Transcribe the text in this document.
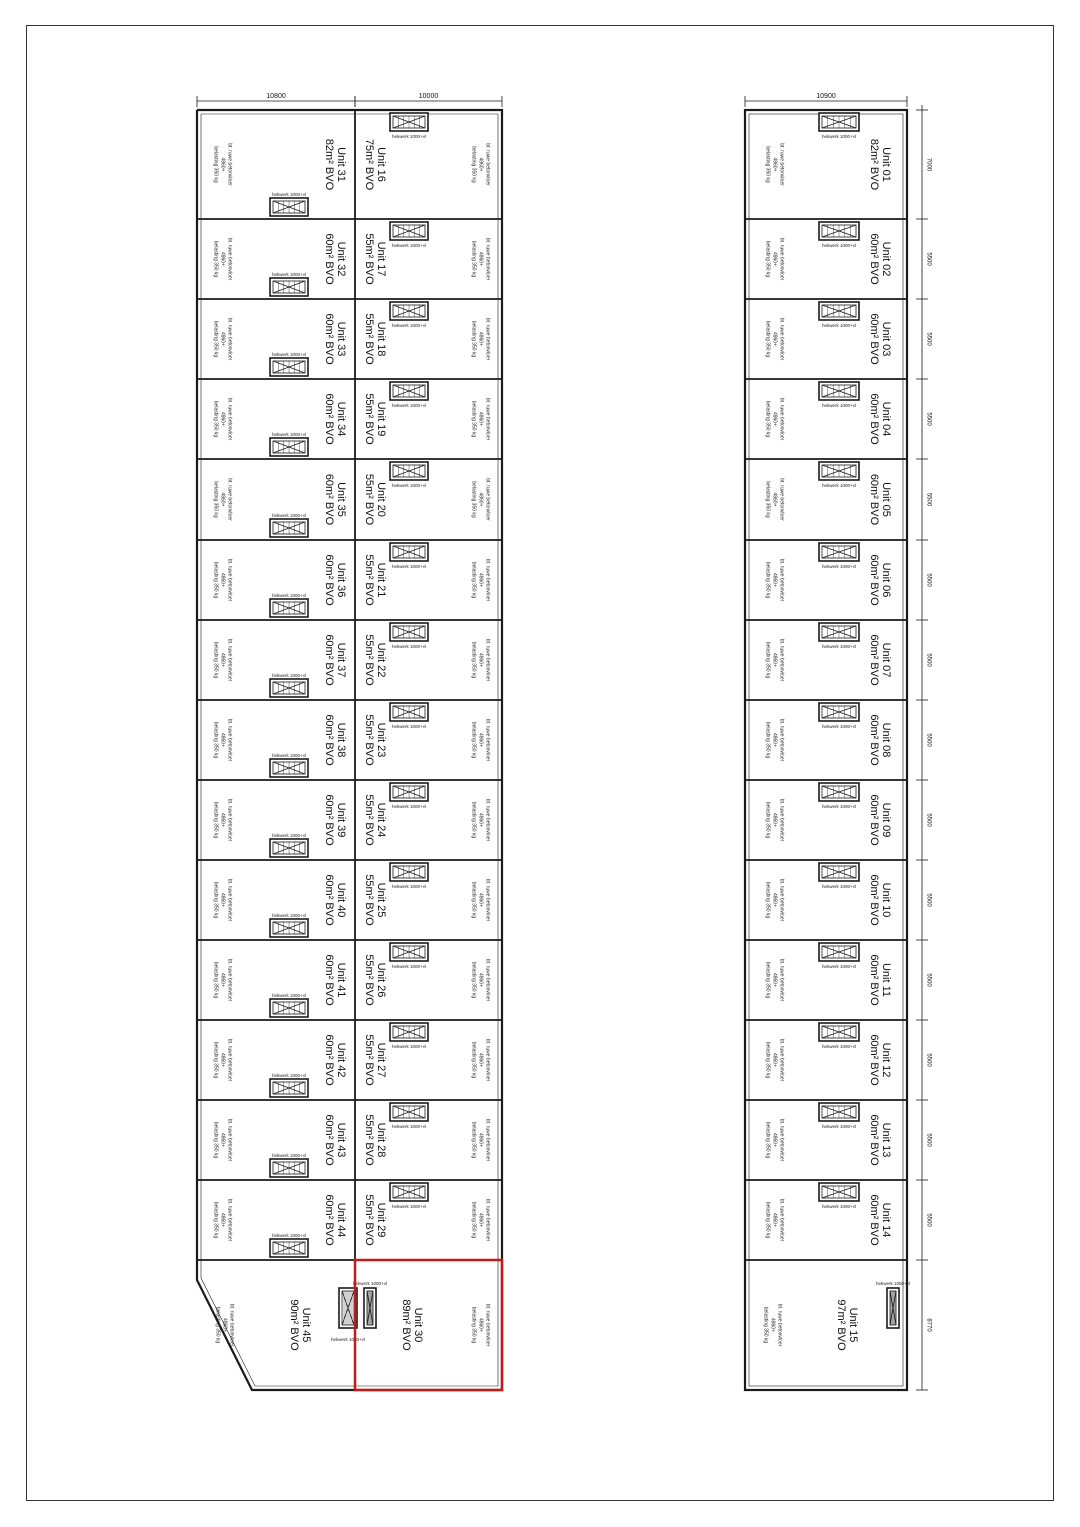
10800	10000	10900
7000
5500
5500
5500
5500
5500
5500
5500
5500
5500
5500
5500
5500
5500
8770
Unit 31
82m² BVO
bt. ruwe betonvloer
4860+
belasting 350 kg
hekwerk 1000+vl
Unit 16
75m² BVO	bt. ruwe betonvloer
4860+
belasting 350 kg
hekwerk 1000+vl
Unit 01
82m² BVO
bt. ruwe betonvloer
4860+
belasting 350 kg
hekwerk 1000+vl
Unit 32
60m² BVO
bt. ruwe betonvloer
4860+
belasting 350 kg	hekwerk 1000+vl	Unit 17
55m² BVO	bt. ruwe betonvloer
4860+
belasting 350 kg
hekwerk 1000+vl	Unit 02
60m² BVO
bt. ruwe betonvloer
4860+
belasting 350 kg	hekwerk 1000+vl
Unit 33
60m² BVO
bt. ruwe betonvloer
4860+
belasting 350 kg	hekwerk 1000+vl	Unit 18
55m² BVO	bt. ruwe betonvloer
4860+
belasting 350 kg
hekwerk 1000+vl	Unit 03
60m² BVO
bt. ruwe betonvloer
4860+
belasting 350 kg	hekwerk 1000+vl
Unit 34
60m² BVO
bt. ruwe betonvloer
4860+
belasting 350 kg	hekwerk 1000+vl	Unit 19
55m² BVO	bt. ruwe betonvloer
4860+
belasting 350 kg
hekwerk 1000+vl	Unit 04
60m² BVO
bt. ruwe betonvloer
4860+
belasting 350 kg	hekwerk 1000+vl
Unit 35
60m² BVO
bt. ruwe betonvloer
4860+
belasting 350 kg	hekwerk 1000+vl	Unit 20
55m² BVO	bt. ruwe betonvloer
4860+
belasting 350 kg
hekwerk 1000+vl	Unit 05
60m² BVO
bt. ruwe betonvloer
4860+
belasting 350 kg	hekwerk 1000+vl
Unit 36
60m² BVO
bt. ruwe betonvloer
4860+
belasting 350 kg	hekwerk 1000+vl	Unit 21
55m² BVO	bt. ruwe betonvloer
4860+
belasting 350 kg
hekwerk 1000+vl	Unit 06
60m² BVO
bt. ruwe betonvloer
4860+
belasting 350 kg	hekwerk 1000+vl
Unit 37
60m² BVO
bt. ruwe betonvloer
4860+
belasting 350 kg	hekwerk 1000+vl	Unit 22
55m² BVO	bt. ruwe betonvloer
4860+
belasting 350 kg
hekwerk 1000+vl	Unit 07
60m² BVO
bt. ruwe betonvloer
4860+
belasting 350 kg	hekwerk 1000+vl
Unit 38
60m² BVO
bt. ruwe betonvloer
4860+
belasting 350 kg	hekwerk 1000+vl	Unit 23
55m² BVO	bt. ruwe betonvloer
4860+
belasting 350 kg
hekwerk 1000+vl	Unit 08
60m² BVO
bt. ruwe betonvloer
4860+
belasting 350 kg	hekwerk 1000+vl
Unit 39
60m² BVO
bt. ruwe betonvloer
4860+
belasting 350 kg	hekwerk 1000+vl	Unit 24
55m² BVO	bt. ruwe betonvloer
4860+
belasting 350 kg
hekwerk 1000+vl	Unit 09
60m² BVO
bt. ruwe betonvloer
4860+
belasting 350 kg	hekwerk 1000+vl
Unit 40
60m² BVO
bt. ruwe betonvloer
4860+
belasting 350 kg	hekwerk 1000+vl	Unit 25
55m² BVO	bt. ruwe betonvloer
4860+
belasting 350 kg
hekwerk 1000+vl	Unit 10
60m² BVO
bt. ruwe betonvloer
4860+
belasting 350 kg	hekwerk 1000+vl
Unit 41
60m² BVO
bt. ruwe betonvloer
4860+
belasting 350 kg	hekwerk 1000+vl	Unit 26
55m² BVO	bt. ruwe betonvloer
4860+
belasting 350 kg
hekwerk 1000+vl	Unit 11
60m² BVO
bt. ruwe betonvloer
4860+
belasting 350 kg	hekwerk 1000+vl
Unit 42
60m² BVO
bt. ruwe betonvloer
4860+
belasting 350 kg	hekwerk 1000+vl	Unit 27
55m² BVO	bt. ruwe betonvloer
4860+
belasting 350 kg
hekwerk 1000+vl	Unit 12
60m² BVO
bt. ruwe betonvloer
4860+
belasting 350 kg	hekwerk 1000+vl
Unit 43
60m² BVO
bt. ruwe betonvloer
4860+
belasting 350 kg	hekwerk 1000+vl	Unit 28
55m² BVO	bt. ruwe betonvloer
4860+
belasting 350 kg
hekwerk 1000+vl	Unit 13
60m² BVO
bt. ruwe betonvloer
4860+
belasting 350 kg	hekwerk 1000+vl
Unit 44
60m² BVO
bt. ruwe betonvloer
4860+
belasting 350 kg	hekwerk 1000+vl	Unit 29
55m² BVO	bt. ruwe betonvloer
4860+
belasting 350 kg
hekwerk 1000+vl	Unit 14
60m² BVO
bt. ruwe betonvloer
4860+
belasting 350 kg	hekwerk 1000+vl
Unit 45
90m² BVO
bt. ruwe betonvloer
4860+
belasting 350 kg	hekwerk 1000+vl	Unit 30
89m² BVO	bt. ruwe betonvloer
4860+
belasting 350 kg
hekwerk 1000+vl
Unit 15
97m² BVO
bt. ruwe betonvloer
4860+
belasting 350 kg
hekwerk 1000+vl
